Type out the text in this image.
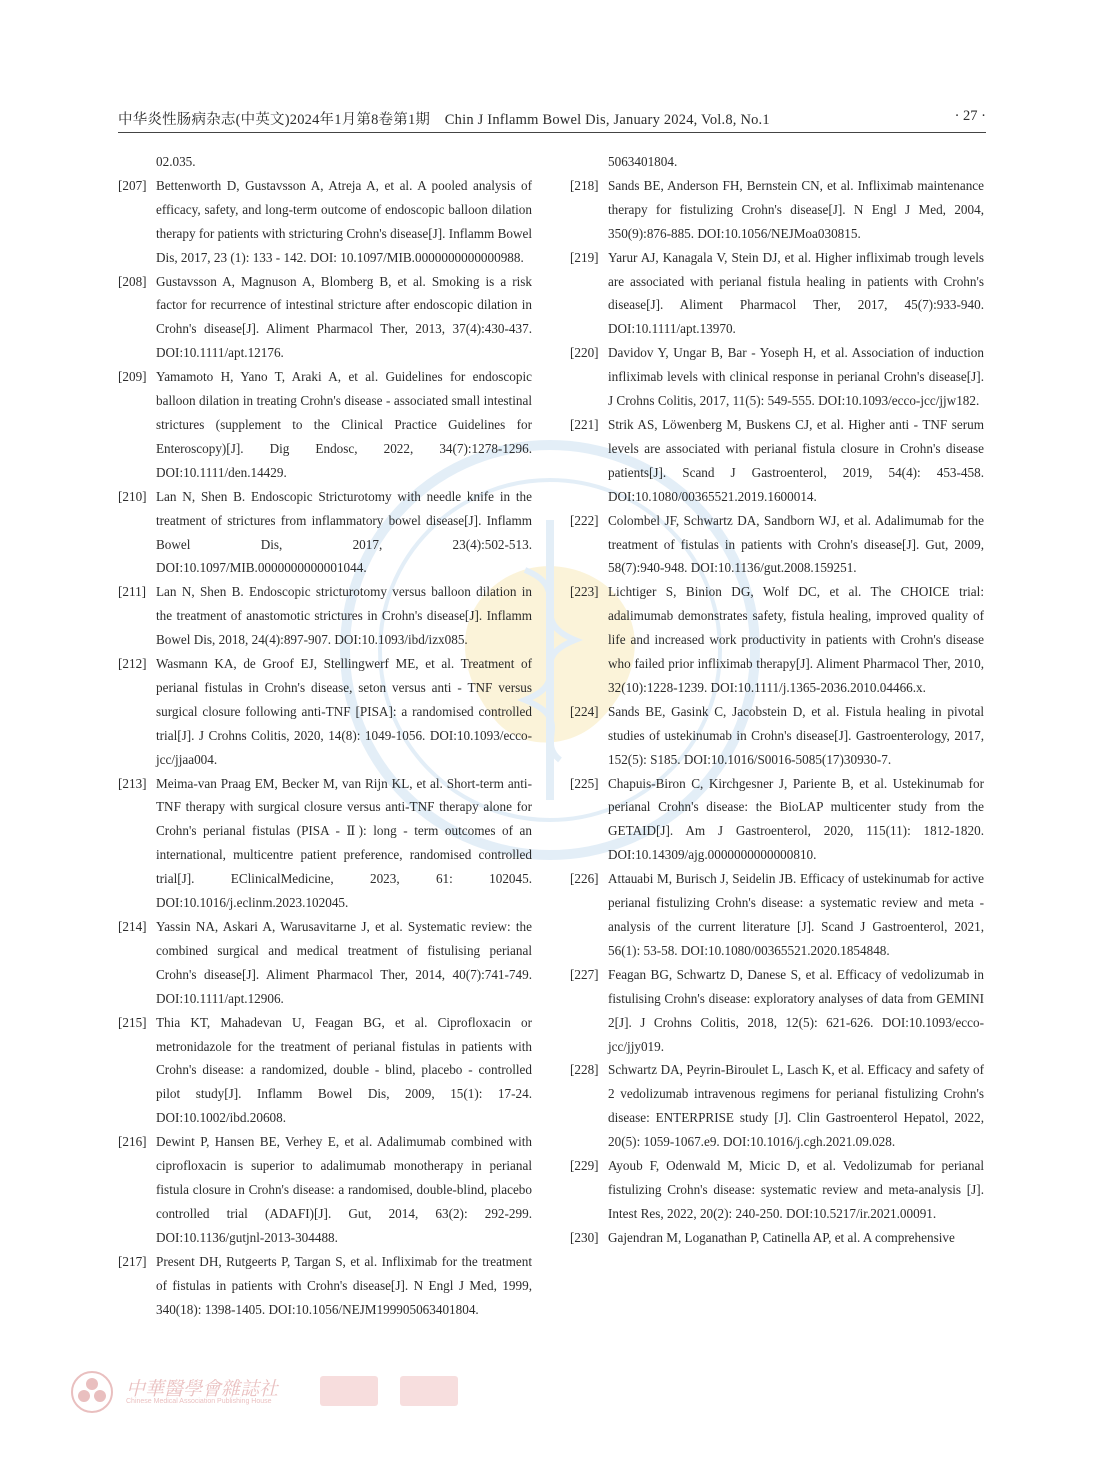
中华炎性肠病杂志(中英文)2024年1月第8卷第1期　Chin J Inflamm Bowel Dis, January 2024, Vol.8, No.1	· 27 ·
02.035.
[207] Bettenworth D, Gustavsson A, Atreja A, et al. A pooled analysis of efficacy, safety, and long-term outcome of endoscopic balloon dilation therapy for patients with stricturing Crohn's disease[J]. Inflamm Bowel Dis, 2017, 23 (1): 133 - 142. DOI: 10.1097/MIB.0000000000000988.
[208] Gustavsson A, Magnuson A, Blomberg B, et al. Smoking is a risk factor for recurrence of intestinal stricture after endoscopic dilation in Crohn's disease[J]. Aliment Pharmacol Ther, 2013, 37(4):430-437. DOI:10.1111/apt.12176.
[209] Yamamoto H, Yano T, Araki A, et al. Guidelines for endoscopic balloon dilation in treating Crohn's disease - associated small intestinal strictures (supplement to the Clinical Practice Guidelines for Enteroscopy)[J]. Dig Endosc, 2022, 34(7):1278-1296. DOI:10.1111/den.14429.
[210] Lan N, Shen B. Endoscopic Stricturotomy with needle knife in the treatment of strictures from inflammatory bowel disease[J]. Inflamm Bowel Dis, 2017, 23(4):502-513. DOI:10.1097/MIB.0000000000001044.
[211] Lan N, Shen B. Endoscopic stricturotomy versus balloon dilation in the treatment of anastomotic strictures in Crohn's disease[J]. Inflamm Bowel Dis, 2018, 24(4):897-907. DOI:10.1093/ibd/izx085.
[212] Wasmann KA, de Groof EJ, Stellingwerf ME, et al. Treatment of perianal fistulas in Crohn's disease, seton versus anti - TNF versus surgical closure following anti-TNF [PISA]: a randomised controlled trial[J]. J Crohns Colitis, 2020, 14(8): 1049-1056. DOI:10.1093/ecco-jcc/jjaa004.
[213] Meima-van Praag EM, Becker M, van Rijn KL, et al. Short-term anti-TNF therapy with surgical closure versus anti-TNF therapy alone for Crohn's perianal fistulas (PISA - Ⅱ): long - term outcomes of an international, multicentre patient preference, randomised controlled trial[J]. EClinicalMedicine, 2023, 61: 102045. DOI:10.1016/j.eclinm.2023.102045.
[214] Yassin NA, Askari A, Warusavitarne J, et al. Systematic review: the combined surgical and medical treatment of fistulising perianal Crohn's disease[J]. Aliment Pharmacol Ther, 2014, 40(7):741-749. DOI:10.1111/apt.12906.
[215] Thia KT, Mahadevan U, Feagan BG, et al. Ciprofloxacin or metronidazole for the treatment of perianal fistulas in patients with Crohn's disease: a randomized, double - blind, placebo - controlled pilot study[J]. Inflamm Bowel Dis, 2009, 15(1): 17-24. DOI:10.1002/ibd.20608.
[216] Dewint P, Hansen BE, Verhey E, et al. Adalimumab combined with ciprofloxacin is superior to adalimumab monotherapy in perianal fistula closure in Crohn's disease: a randomised, double-blind, placebo controlled trial (ADAFI)[J]. Gut, 2014, 63(2): 292-299. DOI:10.1136/gutjnl-2013-304488.
[217] Present DH, Rutgeerts P, Targan S, et al. Infliximab for the treatment of fistulas in patients with Crohn's disease[J]. N Engl J Med, 1999, 340(18): 1398-1405. DOI:10.1056/NEJM199905063401804.
5063401804.
[218] Sands BE, Anderson FH, Bernstein CN, et al. Infliximab maintenance therapy for fistulizing Crohn's disease[J]. N Engl J Med, 2004, 350(9):876-885. DOI:10.1056/NEJMoa030815.
[219] Yarur AJ, Kanagala V, Stein DJ, et al. Higher infliximab trough levels are associated with perianal fistula healing in patients with Crohn's disease[J]. Aliment Pharmacol Ther, 2017, 45(7):933-940. DOI:10.1111/apt.13970.
[220] Davidov Y, Ungar B, Bar - Yoseph H, et al. Association of induction infliximab levels with clinical response in perianal Crohn's disease[J]. J Crohns Colitis, 2017, 11(5): 549-555. DOI:10.1093/ecco-jcc/jjw182.
[221] Strik AS, Löwenberg M, Buskens CJ, et al. Higher anti - TNF serum levels are associated with perianal fistula closure in Crohn's disease patients[J]. Scand J Gastroenterol, 2019, 54(4): 453-458. DOI:10.1080/00365521.2019.1600014.
[222] Colombel JF, Schwartz DA, Sandborn WJ, et al. Adalimumab for the treatment of fistulas in patients with Crohn's disease[J]. Gut, 2009, 58(7):940-948. DOI:10.1136/gut.2008.159251.
[223] Lichtiger S, Binion DG, Wolf DC, et al. The CHOICE trial: adalimumab demonstrates safety, fistula healing, improved quality of life and increased work productivity in patients with Crohn's disease who failed prior infliximab therapy[J]. Aliment Pharmacol Ther, 2010, 32(10):1228-1239. DOI:10.1111/j.1365-2036.2010.04466.x.
[224] Sands BE, Gasink C, Jacobstein D, et al. Fistula healing in pivotal studies of ustekinumab in Crohn's disease[J]. Gastroenterology, 2017, 152(5): S185. DOI:10.1016/S0016-5085(17)30930-7.
[225] Chapuis-Biron C, Kirchgesner J, Pariente B, et al. Ustekinumab for perianal Crohn's disease: the BioLAP multicenter study from the GETAID[J]. Am J Gastroenterol, 2020, 115(11): 1812-1820. DOI:10.14309/ajg.0000000000000810.
[226] Attauabi M, Burisch J, Seidelin JB. Efficacy of ustekinumab for active perianal fistulizing Crohn's disease: a systematic review and meta - analysis of the current literature [J]. Scand J Gastroenterol, 2021, 56(1): 53-58. DOI:10.1080/00365521.2020.1854848.
[227] Feagan BG, Schwartz D, Danese S, et al. Efficacy of vedolizumab in fistulising Crohn's disease: exploratory analyses of data from GEMINI 2[J]. J Crohns Colitis, 2018, 12(5): 621-626. DOI:10.1093/ecco-jcc/jjy019.
[228] Schwartz DA, Peyrin-Biroulet L, Lasch K, et al. Efficacy and safety of 2 vedolizumab intravenous regimens for perianal fistulizing Crohn's disease: ENTERPRISE study [J]. Clin Gastroenterol Hepatol, 2022, 20(5): 1059-1067.e9. DOI:10.1016/j.cgh.2021.09.028.
[229] Ayoub F, Odenwald M, Micic D, et al. Vedolizumab for perianal fistulizing Crohn's disease: systematic review and meta-analysis [J]. Intest Res, 2022, 20(2): 240-250. DOI:10.5217/ir.2021.00091.
[230] Gajendran M, Loganathan P, Catinella AP, et al. A comprehensive
中華醫學會雜誌社
Chinese Medical Association Publishing House
